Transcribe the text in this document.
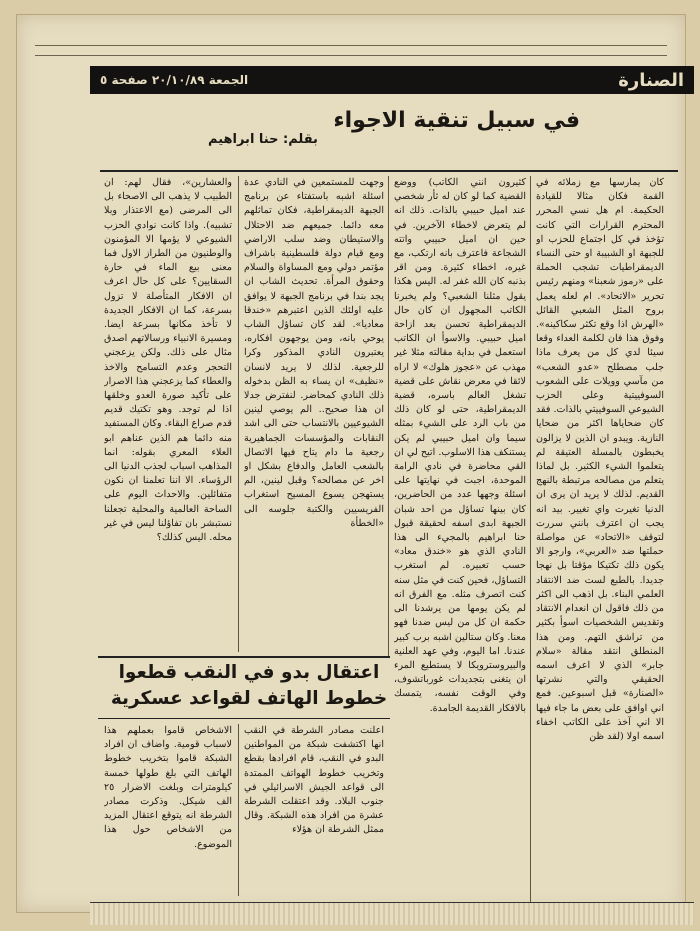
الجمعة ٢٠/١٠/٨٩ صفحة ٥	الصنارة
في سبيل تنقية الاجواء
بقلم: حنا ابراهيم

كان يمارسها مع زملائه في القمة فكان مثالا للقيادة الحكيمة. ام هل نسي المحرر المحترم القرارات التي كانت تؤخذ في كل اجتماع للحزب او للجبهة او الشبيبة او حتى النساء الديمقراطيات تشجب الحملة على «رموز شعبنا» ومنهم رئيس تحرير «الاتحاد». ام لعله يعمل بروح المثل الشعبي القائل «الهرش اذا وقع تكثر سكاكينه». وفوق هذا فان لكلمة العداء وقعا سيئا لدي كل من يعرف ماذا جلب مصطلح «عدو الشعب» من مآسي وويلات على الشعوب السوفييتية وعلى الحزب الشيوعي السوفييتي بالذات. فقد كان ضحاياها اكثر من ضحايا النازية. ويبدو ان الذين لا يزالون يخبطون بالمسلة العتيقة لم يتعلموا الشيء الكثير. بل لماذا يتعلم من مصالحه مرتبطة بالنهج القديم. لذلك لا يريد ان يرى ان الدنيا تغيرت واي تغيير. بيد انه يجب ان اعترف بانني سررت لتوقف «الاتحاد» عن مواصلة حملتها ضد «العربي»، وارجو الا يكون ذلك تكتيكا مؤقتا بل نهجا جديدا. بالطبع لست ضد الانتقاد العلمي البناء. بل اذهب الى اكثر من ذلك فاقول ان انعدام الانتقاد وتقديس الشخصيات اسوأ بكثير من تراشق التهم. ومن هذا المنطلق انتقد مقالة «سلام جابر» الذي لا اعرف اسمه الحقيقي والتي نشرتها «الصنارة» قبل اسبوعين. فمع اني اوافق على بعض ما جاء فيها الا اني آخذ على الكاتب اخفاء اسمه اولا (لقد ظن

كثيرون انني الكاتب) ووضع القضية كما لو كان له ثأر شخصي عند اميل حبيبي بالذات. ذلك انه لم يتعرض لاخطاء الآخرين. في حين ان اميل حبيبي واتته الشجاعة فاعترف بانه ارتكب، مع غيره، اخطاء كثيرة. ومن اقر بذنبه كان الله غفر له. اليس هكذا يقول مثلنا الشعبي؟ ولم يخبرنا الكاتب المجهول ان كان حال الديمقراطية تحسن بعد ازاحة اميل حبيبي. والاسوأ ان الكاتب استعمل في بداية مقالته مثلا غير مهذب عن «عجوز هلوك» لا اراه لائقا في معرض نقاش على قضية تشغل العالم باسره، قضية الديمقراطية، حتى لو كان ذلك من باب الرد على الشيء بمثله سيما وان اميل حبيبي لم يكن يستنكف هذا الاسلوب. اتيح لي ان القي محاضرة في نادي الرامة الموحدة، اجبت في نهايتها على اسئلة وجهها عدد من الحاضرين، كان بينها تساؤل من احد شبان الجبهة ابدى اسفه لحقيقة قبول حنا ابراهيم بالمجيء الى هذا النادي الذي هو «خندق معاد» حسب تعبيره. لم استغرب التساؤل، فحين كنت في مثل سنه كنت اتصرف مثله. مع الفرق انه لم يكن يومها من يرشدنا الى حكمة ان كل من ليس ضدنا فهو معنا. وكان ستالين اشبه برب كبير عندنا. اما اليوم، وفي عهد العلنية والبيروسترويكا لا يستطيع المرء ان يتغنى بتجديدات غورباتشوف، وفي الوقت نفسه، يتمسك بالافكار القديمة الجامدة.

وجهت للمستمعين في النادي عدة اسئلة اشبه باستفتاء عن برنامج الجبهة الديمقراطية، فكان تماثلهم معه دائما. جميعهم ضد الاحتلال والاستيطان وضد سلب الاراضي ومع قيام دولة فلسطينية باشراف مؤتمر دولي ومع المساواة والسلام وحقوق المرأة. تحديث الشاب ان يجد بندا في برنامج الجبهة لا يوافق عليه اولئك الذين اعتبرهم «خندقا معاديا». لقد كان تساؤل الشاب يوحي بانه، ومن يوجهون افكاره، يعتبرون النادي المذكور وكرا للرجعية. لذلك لا يريد لانسان «نظيف» ان يساء به الظن بدخوله ذلك النادي كمحاضر. لنفترض جدلا ان هذا صحيح.. الم يوصي لينين الشيوعيين بالانتساب حتى الى اشد النقابات والمؤسسات الجماهيرية رجعية ما دام يتاح فيها الاتصال بالشعب العامل والدفاع بشكل او اخر عن مصالحه؟ وقبل لينين، الم يستهجن يسوع المسيح استغراب الفريسيين والكتبة جلوسه الى «الخطأة

والعشارين»، فقال لهم: ان الطبيب لا يذهب الى الاصحاء بل الى المرضى (مع الاعتذار وبلا تشبيه). واذا كانت نوادي الحزب الشيوعي لا يؤمها الا المؤمنون والوطنيون من الطراز الاول فما معنى بيع الماء في حارة السقايين؟ على كل حال اعرف ان الافكار المتأصلة لا تزول بسرعة، كما ان الافكار الجديدة لا تأخذ مكانها بسرعة ايضا. ومسيرة الانبياء ورسالاتهم اصدق مثال على ذلك. ولكن يزعجني التحجر وعدم التسامح والاخذ والعطاء كما يزعجني هذا الاصرار على تأكيد صورة العدو وخلقها اذا لم توجد. وهو تكتيك قديم قدم صراع البقاء. وكان المستفيد منه دائما هم الذين عناهم ابو العلاء المعري بقوله: انما المذاهب اسباب لجذب الدنيا الى الرؤساء. الا اننا تعلمنا ان نكون متفائلين. والاحداث اليوم على الساحة العالمية والمحلية تجعلنا نستبشر بان تفاؤلنا ليس في غير محله. اليس كذلك؟

اعتقال بدو في النقب قطعوا
خطوط الهاتف لقواعد عسكرية

اعلنت مصادر الشرطة في النقب انها اكتشفت شبكة من المواطنين البدو في النقب، قام افرادها بقطع وتخريب خطوط الهواتف الممتدة الى قواعد الجيش الاسرائيلي في جنوب البلاد. وقد اعتقلت الشرطة عشرة من افراد هذه الشبكة. وقال ممثل الشرطة ان هؤلاء

الاشخاص قاموا بعملهم هذا لاسباب قومية. واضاف ان افراد الشبكة قاموا بتخريب خطوط الهاتف التي بلغ طولها خمسة كيلومترات وبلغت الاضرار ٢٥ الف شيكل. وذكرت مصادر الشرطة انه يتوقع اعتقال المزيد من الاشخاص حول هذا الموضوع.
